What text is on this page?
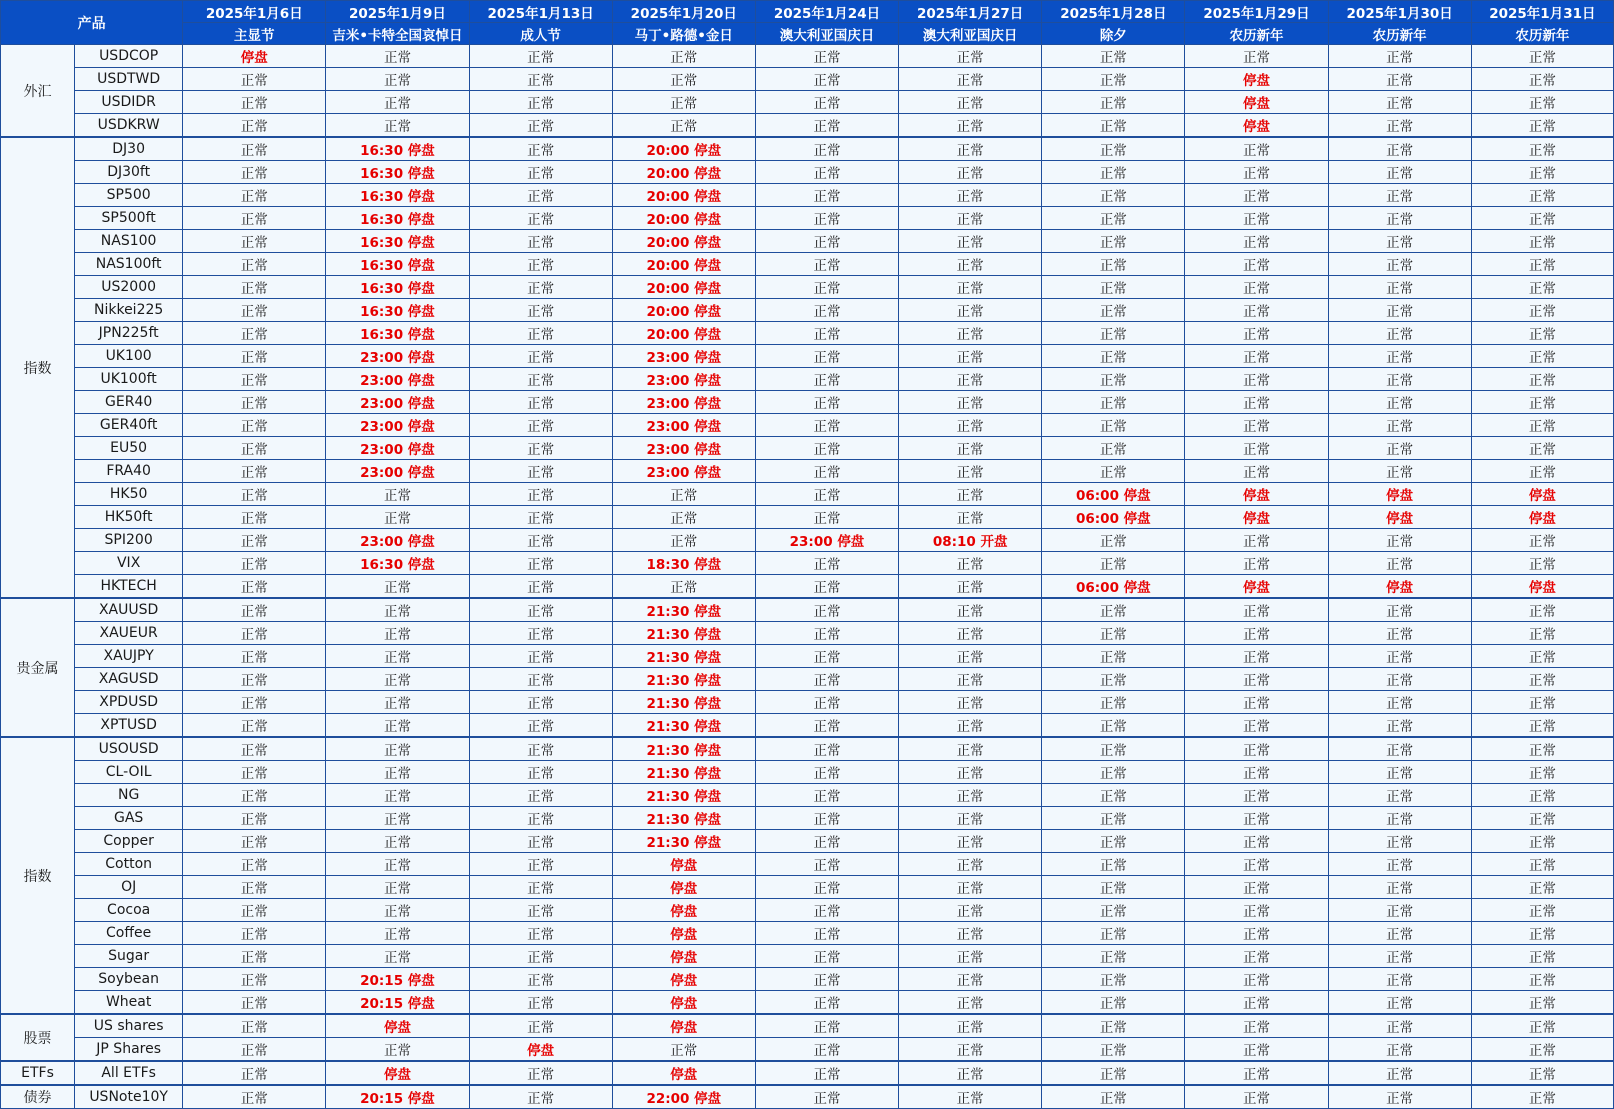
产品		2025年1月6日	2025年1月9日	2025年1月13日	2025年1月20日	2025年1月24日	2025年1月27日	2025年1月28日	2025年1月29日	2025年1月30日	2025年1月31日
		主显节	吉米•卡特全国哀悼日	成人节	马丁•路德•金日	澳大利亚国庆日	澳大利亚国庆日	除夕	农历新年	农历新年	农历新年
外汇	USDCOP	停盘	正常	正常	正常	正常	正常	正常	正常	正常	正常
	USDTWD	正常	正常	正常	正常	正常	正常	正常	停盘	正常	正常
	USDIDR	正常	正常	正常	正常	正常	正常	正常	停盘	正常	正常
	USDKRW	正常	正常	正常	正常	正常	正常	正常	停盘	正常	正常
指数	DJ30	正常	16:30 停盘	正常	20:00 停盘	正常	正常	正常	正常	正常	正常
	DJ30ft	正常	16:30 停盘	正常	20:00 停盘	正常	正常	正常	正常	正常	正常
	SP500	正常	16:30 停盘	正常	20:00 停盘	正常	正常	正常	正常	正常	正常
	SP500ft	正常	16:30 停盘	正常	20:00 停盘	正常	正常	正常	正常	正常	正常
	NAS100	正常	16:30 停盘	正常	20:00 停盘	正常	正常	正常	正常	正常	正常
	NAS100ft	正常	16:30 停盘	正常	20:00 停盘	正常	正常	正常	正常	正常	正常
	US2000	正常	16:30 停盘	正常	20:00 停盘	正常	正常	正常	正常	正常	正常
	Nikkei225	正常	16:30 停盘	正常	20:00 停盘	正常	正常	正常	正常	正常	正常
	JPN225ft	正常	16:30 停盘	正常	20:00 停盘	正常	正常	正常	正常	正常	正常
	UK100	正常	23:00 停盘	正常	23:00 停盘	正常	正常	正常	正常	正常	正常
	UK100ft	正常	23:00 停盘	正常	23:00 停盘	正常	正常	正常	正常	正常	正常
	GER40	正常	23:00 停盘	正常	23:00 停盘	正常	正常	正常	正常	正常	正常
	GER40ft	正常	23:00 停盘	正常	23:00 停盘	正常	正常	正常	正常	正常	正常
	EU50	正常	23:00 停盘	正常	23:00 停盘	正常	正常	正常	正常	正常	正常
	FRA40	正常	23:00 停盘	正常	23:00 停盘	正常	正常	正常	正常	正常	正常
	HK50	正常	正常	正常	正常	正常	正常	06:00 停盘	停盘	停盘	停盘
	HK50ft	正常	正常	正常	正常	正常	正常	06:00 停盘	停盘	停盘	停盘
	SPI200	正常	23:00 停盘	正常	正常	23:00 停盘	08:10 开盘	正常	正常	正常	正常
	VIX	正常	16:30 停盘	正常	18:30 停盘	正常	正常	正常	正常	正常	正常
	HKTECH	正常	正常	正常	正常	正常	正常	06:00 停盘	停盘	停盘	停盘
贵金属	XAUUSD	正常	正常	正常	21:30 停盘	正常	正常	正常	正常	正常	正常
	XAUEUR	正常	正常	正常	21:30 停盘	正常	正常	正常	正常	正常	正常
	XAUJPY	正常	正常	正常	21:30 停盘	正常	正常	正常	正常	正常	正常
	XAGUSD	正常	正常	正常	21:30 停盘	正常	正常	正常	正常	正常	正常
	XPDUSD	正常	正常	正常	21:30 停盘	正常	正常	正常	正常	正常	正常
	XPTUSD	正常	正常	正常	21:30 停盘	正常	正常	正常	正常	正常	正常
指数	USOUSD	正常	正常	正常	21:30 停盘	正常	正常	正常	正常	正常	正常
	CL-OIL	正常	正常	正常	21:30 停盘	正常	正常	正常	正常	正常	正常
	NG	正常	正常	正常	21:30 停盘	正常	正常	正常	正常	正常	正常
	GAS	正常	正常	正常	21:30 停盘	正常	正常	正常	正常	正常	正常
	Copper	正常	正常	正常	21:30 停盘	正常	正常	正常	正常	正常	正常
	Cotton	正常	正常	正常	停盘	正常	正常	正常	正常	正常	正常
	OJ	正常	正常	正常	停盘	正常	正常	正常	正常	正常	正常
	Cocoa	正常	正常	正常	停盘	正常	正常	正常	正常	正常	正常
	Coffee	正常	正常	正常	停盘	正常	正常	正常	正常	正常	正常
	Sugar	正常	正常	正常	停盘	正常	正常	正常	正常	正常	正常
	Soybean	正常	20:15 停盘	正常	停盘	正常	正常	正常	正常	正常	正常
	Wheat	正常	20:15 停盘	正常	停盘	正常	正常	正常	正常	正常	正常
股票	US shares	正常	停盘	正常	停盘	正常	正常	正常	正常	正常	正常
	JP Shares	正常	正常	停盘	正常	正常	正常	正常	正常	正常	正常
ETFs	All ETFs	正常	停盘	正常	停盘	正常	正常	正常	正常	正常	正常
债券	USNote10Y	正常	20:15 停盘	正常	22:00 停盘	正常	正常	正常	正常	正常	正常
